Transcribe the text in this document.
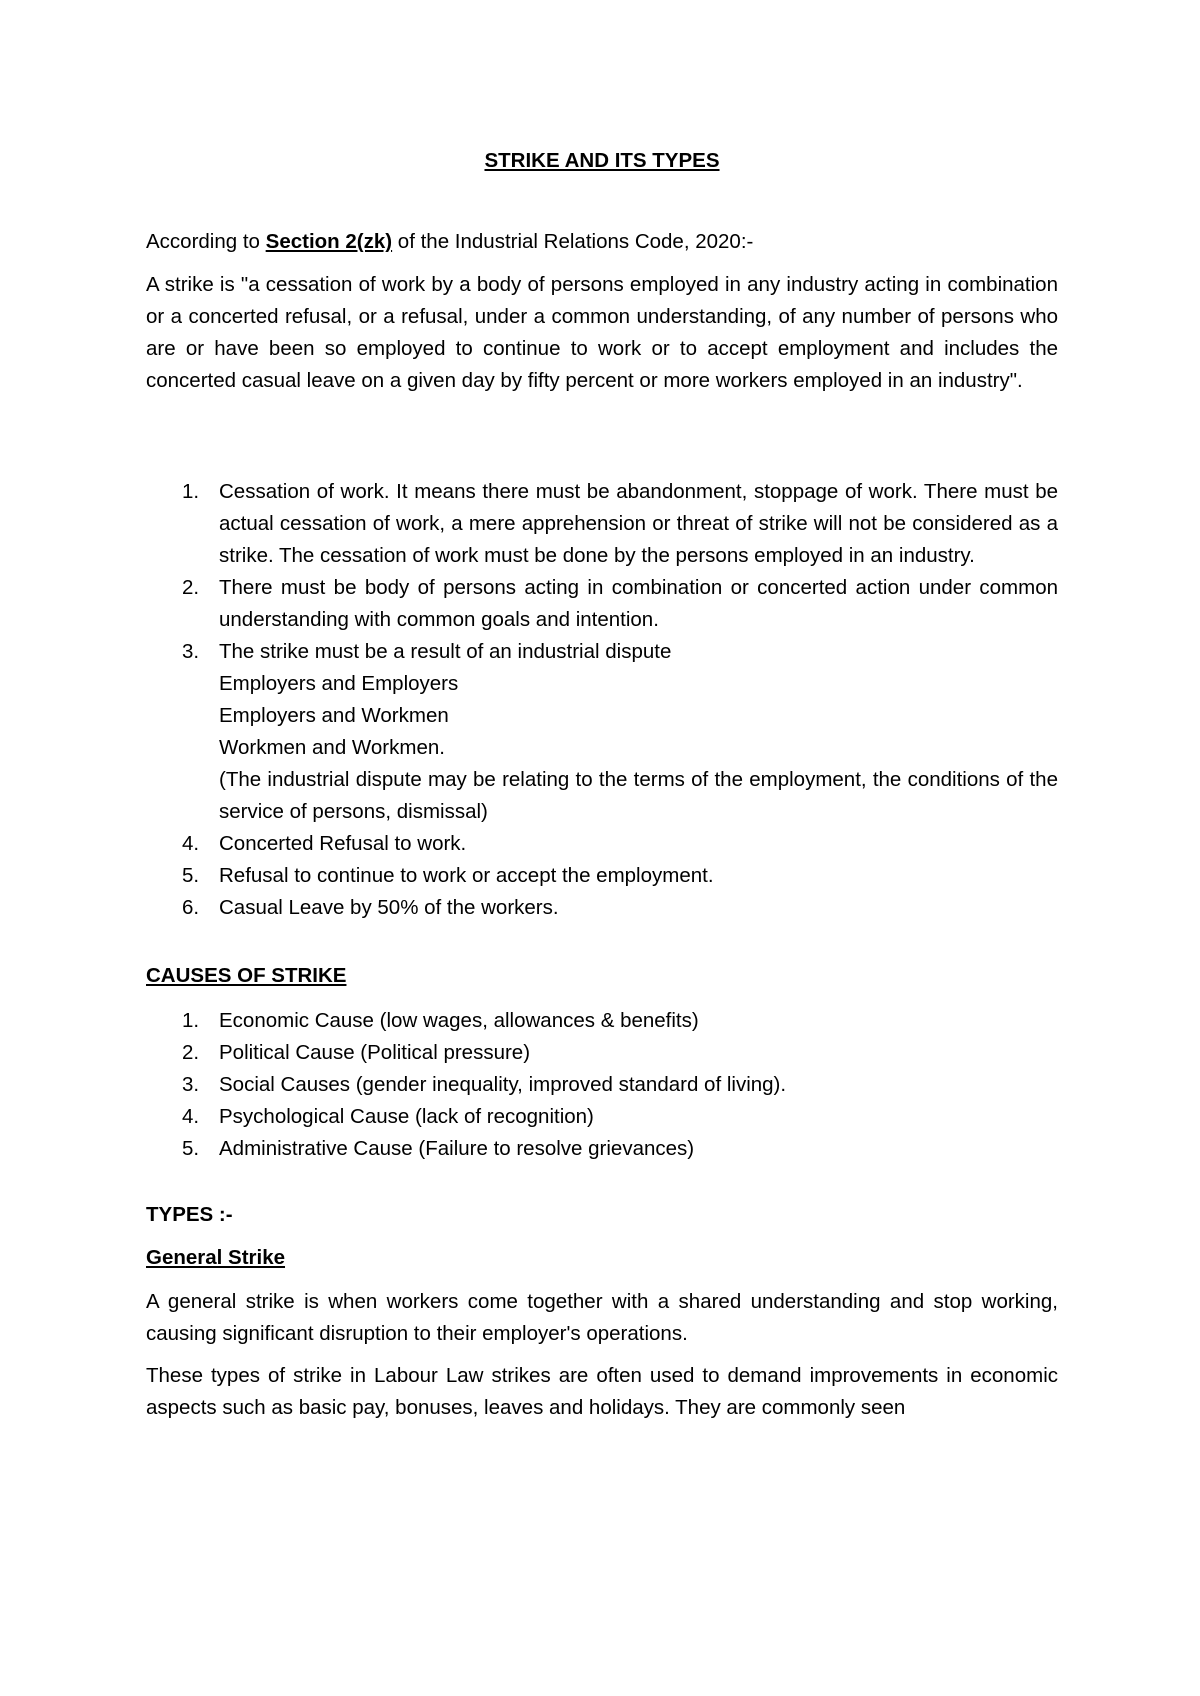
STRIKE AND ITS TYPES
According to Section 2(zk) of the Industrial Relations Code, 2020:-
A strike is "a cessation of work by a body of persons employed in any industry acting in combination or a concerted refusal, or a refusal, under a common understanding, of any number of persons who are or have been so employed to continue to work or to accept employment and includes the concerted casual leave on a given day by fifty percent or more workers employed in an industry".
1. Cessation of work. It means there must be abandonment, stoppage of work. There must be actual cessation of work, a mere apprehension or threat of strike will not be considered as a strike. The cessation of work must be done by the persons employed in an industry.
2. There must be body of persons acting in combination or concerted action under common understanding with common goals and intention.
3. The strike must be a result of an industrial dispute
Employers and Employers
Employers and Workmen
Workmen and Workmen.
(The industrial dispute may be relating to the terms of the employment, the conditions of the service of persons, dismissal)
4. Concerted Refusal to work.
5. Refusal to continue to work or accept the employment.
6. Casual Leave by 50% of the workers.
CAUSES OF STRIKE
1. Economic Cause (low wages, allowances & benefits)
2. Political Cause (Political pressure)
3. Social Causes (gender inequality, improved standard of living).
4. Psychological Cause (lack of recognition)
5. Administrative Cause (Failure to resolve grievances)
TYPES :-
General Strike
A general strike is when workers come together with a shared understanding and stop working, causing significant disruption to their employer's operations.
These types of strike in Labour Law strikes are often used to demand improvements in economic aspects such as basic pay, bonuses, leaves and holidays. They are commonly seen
